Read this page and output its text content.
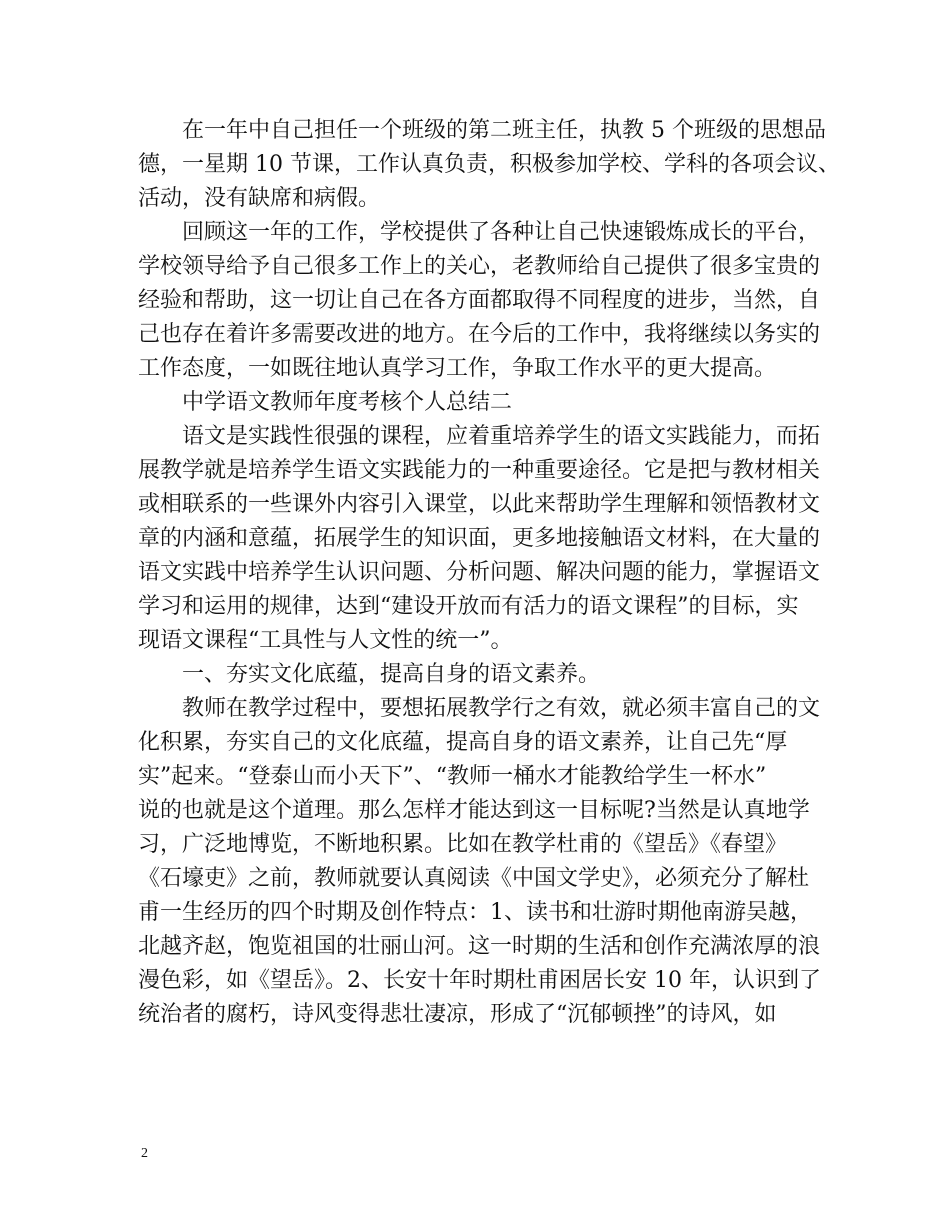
在一年中自己担任一个班级的第二班主任，执教 5 个班级的思想品
德，一星期 10 节课，工作认真负责，积极参加学校、学科的各项会议、
活动，没有缺席和病假。
回顾这一年的工作，学校提供了各种让自己快速锻炼成长的平台，
学校领导给予自己很多工作上的关心，老教师给自己提供了很多宝贵的
经验和帮助，这一切让自己在各方面都取得不同程度的进步，当然，自
己也存在着许多需要改进的地方。在今后的工作中，我将继续以务实的
工作态度，一如既往地认真学习工作，争取工作水平的更大提高。
中学语文教师年度考核个人总结二
语文是实践性很强的课程，应着重培养学生的语文实践能力，而拓
展教学就是培养学生语文实践能力的一种重要途径。它是把与教材相关
或相联系的一些课外内容引入课堂，以此来帮助学生理解和领悟教材文
章的内涵和意蕴，拓展学生的知识面，更多地接触语文材料，在大量的
语文实践中培养学生认识问题、分析问题、解决问题的能力，掌握语文
学习和运用的规律，达到“建设开放而有活力的语文课程”的目标，实
现语文课程“工具性与人文性的统一”。
一、夯实文化底蕴，提高自身的语文素养。
教师在教学过程中，要想拓展教学行之有效，就必须丰富自己的文
化积累，夯实自己的文化底蕴，提高自身的语文素养，让自己先“厚
实”起来。“登泰山而小天下”、“教师一桶水才能教给学生一杯水”
说的也就是这个道理。那么怎样才能达到这一目标呢?当然是认真地学
习，广泛地博览，不断地积累。比如在教学杜甫的《望岳》《春望》
《石壕吏》之前，教师就要认真阅读《中国文学史》，必须充分了解杜
甫一生经历的四个时期及创作特点：1、读书和壮游时期他南游吴越，
北越齐赵，饱览祖国的壮丽山河。这一时期的生活和创作充满浓厚的浪
漫色彩，如《望岳》。2、长安十年时期杜甫困居长安 10 年，认识到了
统治者的腐朽，诗风变得悲壮凄凉，形成了“沉郁顿挫”的诗风，如
2
